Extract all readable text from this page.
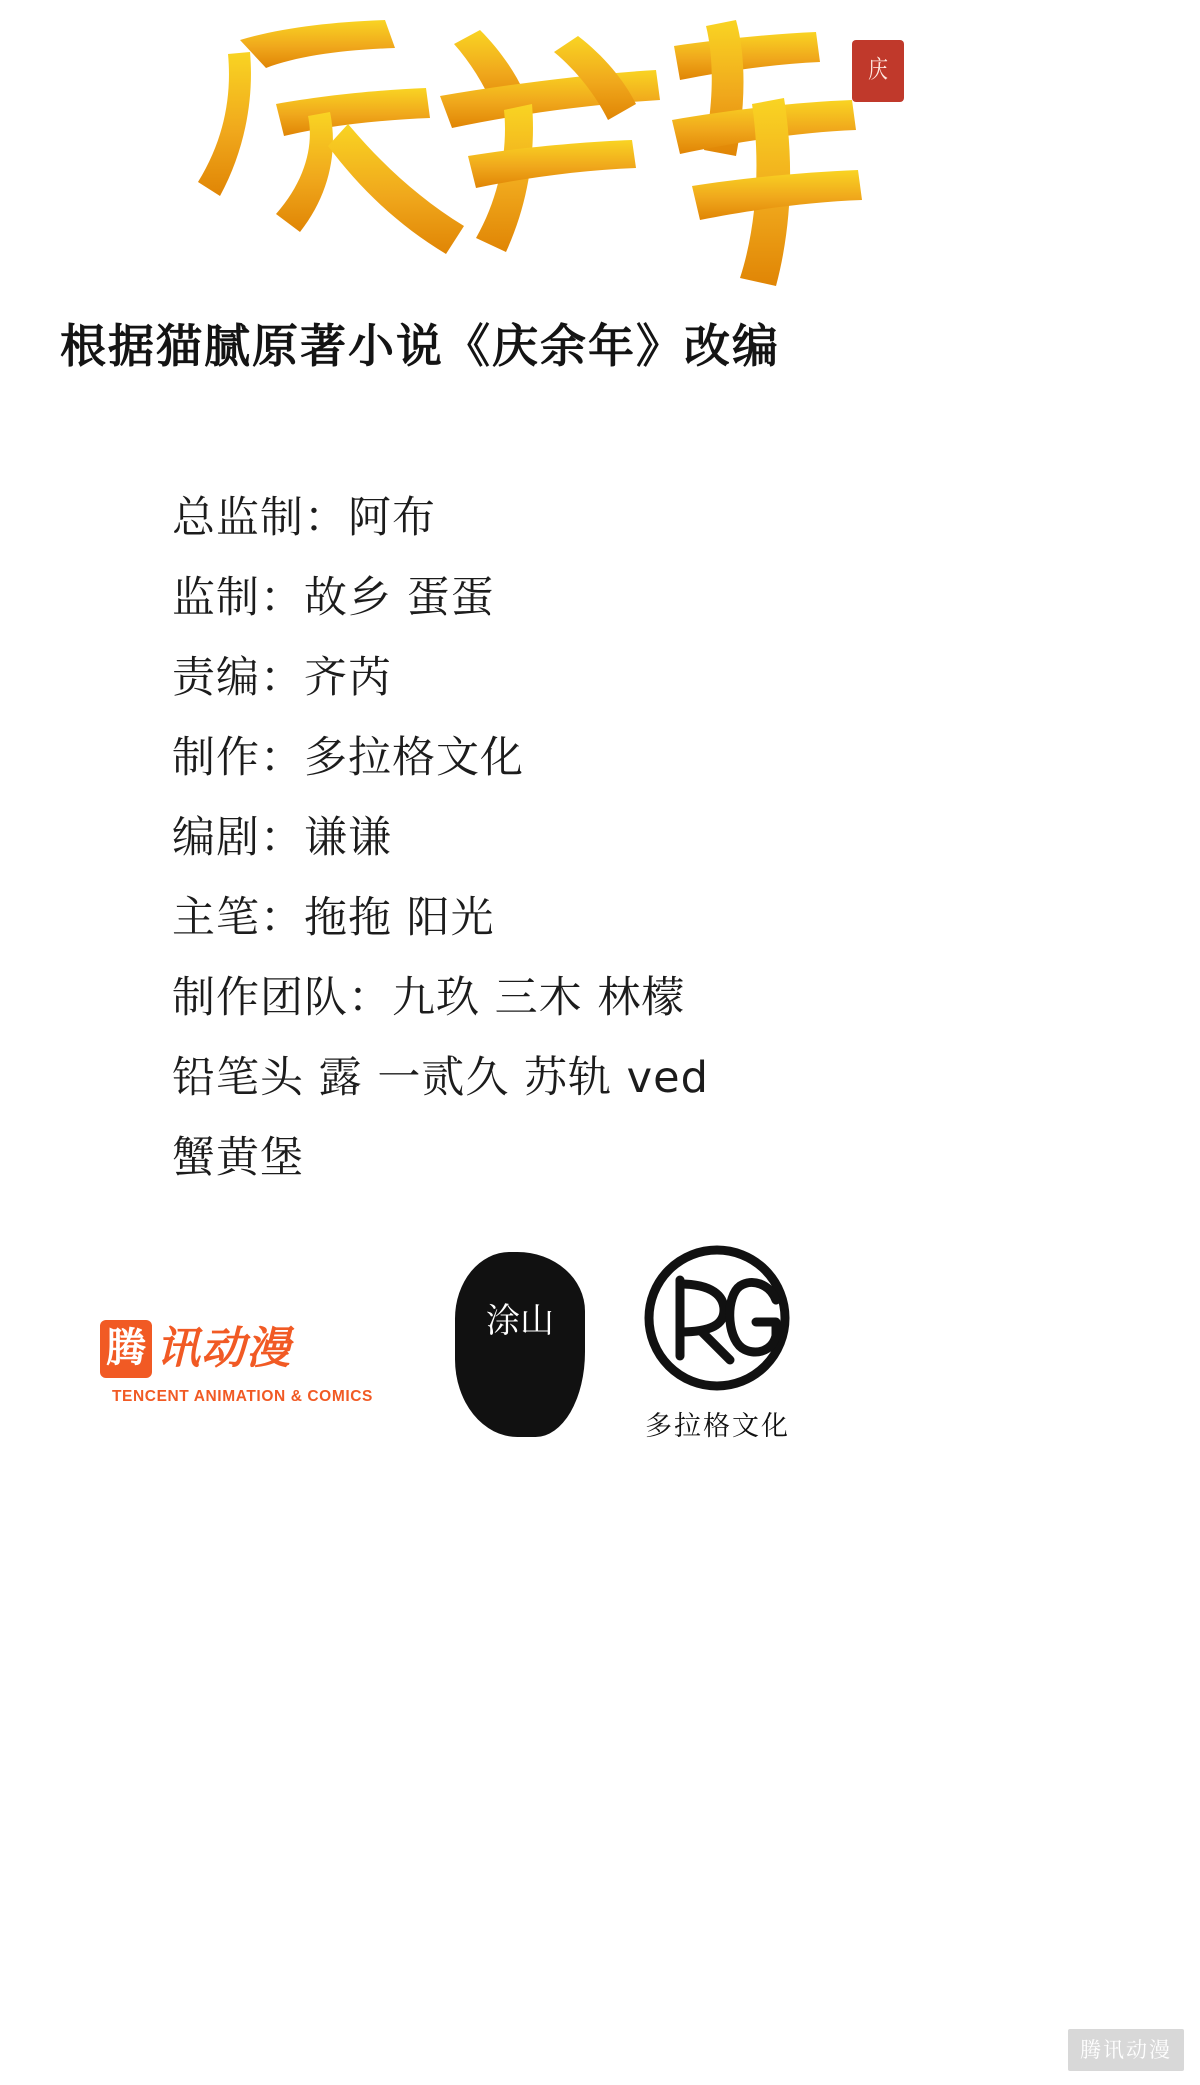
庆
根据猫腻原著小说《庆余年》改编
总监制：阿布
监制：故乡 蛋蛋
责编：齐芮
制作：多拉格文化
编剧：谦谦
主笔：拖拖 阳光
制作团队：九玖 三木 林檬
铅笔头 露 一贰久 苏轨 ved
蟹黄堡
腾 讯动漫
TENCENT ANIMATION & COMICS
涂山
多拉格文化
腾讯动漫
